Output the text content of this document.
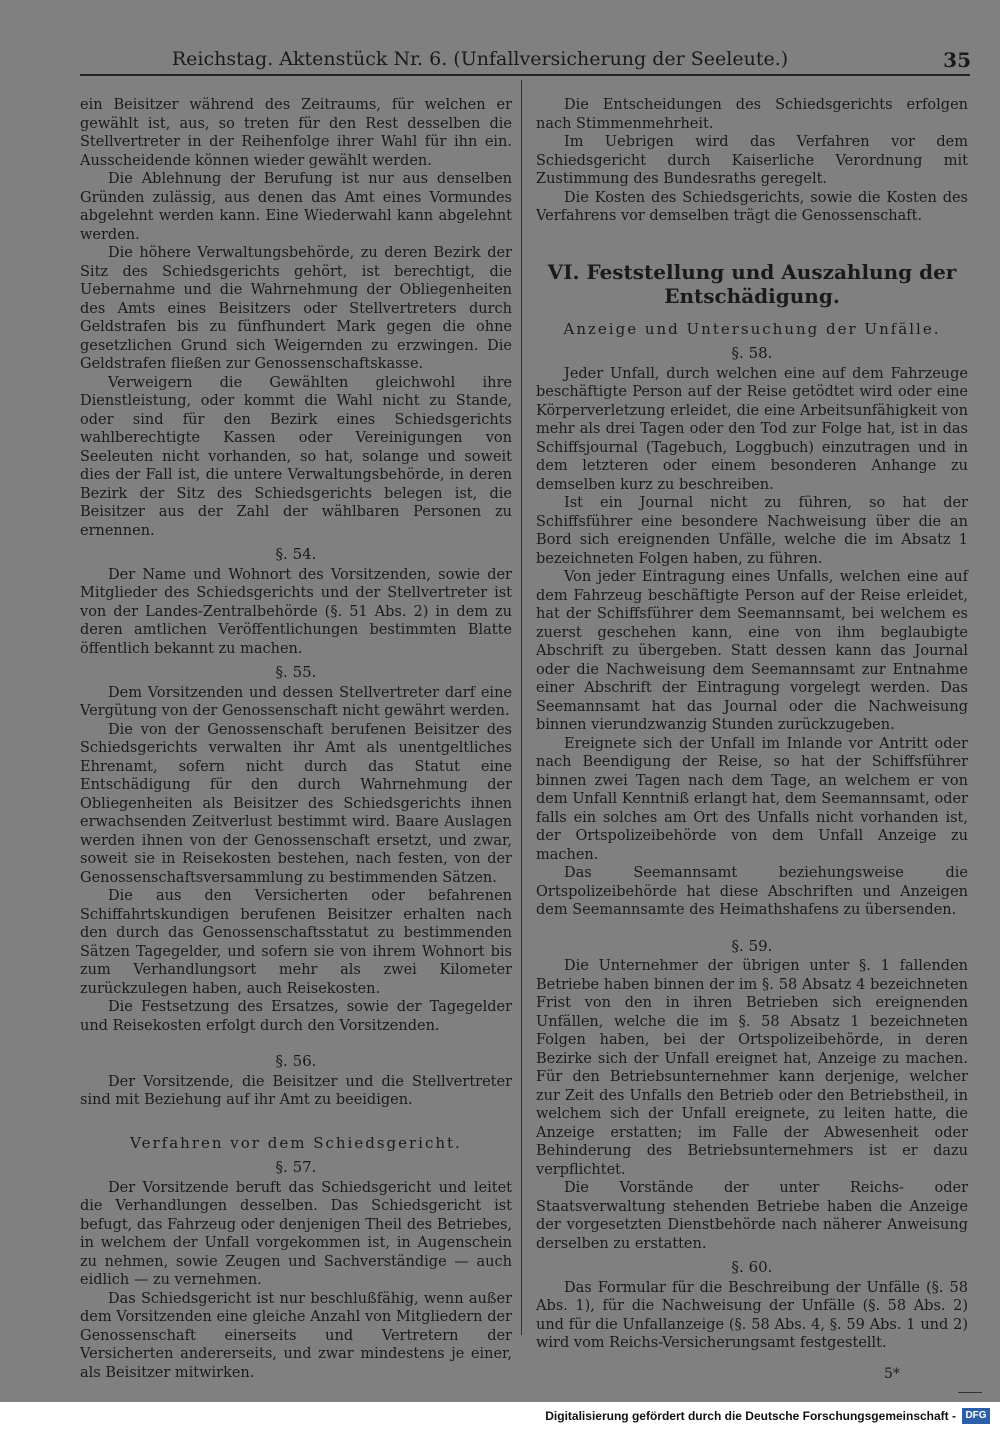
Reichstag. Aktenstück Nr. 6. (Unfallversicherung der Seeleute.)	35

ein Beisitzer während des Zeitraums, für welchen er gewählt ist, aus, so treten für den Rest desselben die Stellvertreter in der Reihenfolge ihrer Wahl für ihn ein. Ausscheidende können wieder gewählt werden.

Die Ablehnung der Berufung ist nur aus denselben Gründen zulässig, aus denen das Amt eines Vormundes abgelehnt werden kann. Eine Wiederwahl kann abgelehnt werden.

Die höhere Verwaltungsbehörde, zu deren Bezirk der Sitz des Schiedsgerichts gehört, ist berechtigt, die Uebernahme und die Wahrnehmung der Obliegenheiten des Amts eines Beisitzers oder Stellvertreters durch Geldstrafen bis zu fünfhundert Mark gegen die ohne gesetzlichen Grund sich Weigernden zu erzwingen. Die Geldstrafen fließen zur Genossenschaftskasse.

Verweigern die Gewählten gleichwohl ihre Dienstleistung, oder kommt die Wahl nicht zu Stande, oder sind für den Bezirk eines Schiedsgerichts wahlberechtigte Kassen oder Vereinigungen von Seeleuten nicht vorhanden, so hat, solange und soweit dies der Fall ist, die untere Verwaltungsbehörde, in deren Bezirk der Sitz des Schiedsgerichts belegen ist, die Beisitzer aus der Zahl der wählbaren Personen zu ernennen.

§. 54.

Der Name und Wohnort des Vorsitzenden, sowie der Mitglieder des Schiedsgerichts und der Stellvertreter ist von der Landes-Zentralbehörde (§. 51 Abs. 2) in dem zu deren amtlichen Veröffentlichungen bestimmten Blatte öffentlich bekannt zu machen.

§. 55.

Dem Vorsitzenden und dessen Stellvertreter darf eine Vergütung von der Genossenschaft nicht gewährt werden.

Die von der Genossenschaft berufenen Beisitzer des Schiedsgerichts verwalten ihr Amt als unentgeltliches Ehrenamt, sofern nicht durch das Statut eine Entschädigung für den durch Wahrnehmung der Obliegenheiten als Beisitzer des Schiedsgerichts ihnen erwachsenden Zeitverlust bestimmt wird. Baare Auslagen werden ihnen von der Genossenschaft ersetzt, und zwar, soweit sie in Reisekosten bestehen, nach festen, von der Genossenschaftsversammlung zu bestimmenden Sätzen.

Die aus den Versicherten oder befahrenen Schiffahrtskundigen berufenen Beisitzer erhalten nach den durch das Genossenschaftsstatut zu bestimmenden Sätzen Tagegelder, und sofern sie von ihrem Wohnort bis zum Verhandlungsort mehr als zwei Kilometer zurückzulegen haben, auch Reisekosten.

Die Festsetzung des Ersatzes, sowie der Tagegelder und Reisekosten erfolgt durch den Vorsitzenden.

§. 56.

Der Vorsitzende, die Beisitzer und die Stellvertreter sind mit Beziehung auf ihr Amt zu beeidigen.

Verfahren vor dem Schiedsgericht.
§. 57.

Der Vorsitzende beruft das Schiedsgericht und leitet die Verhandlungen desselben. Das Schiedsgericht ist befugt, das Fahrzeug oder denjenigen Theil des Betriebes, in welchem der Unfall vorgekommen ist, in Augenschein zu nehmen, sowie Zeugen und Sachverständige — auch eidlich — zu vernehmen.

Das Schiedsgericht ist nur beschlußfähig, wenn außer dem Vorsitzenden eine gleiche Anzahl von Mitgliedern der Genossenschaft einerseits und Vertretern der Versicherten andererseits, und zwar mindestens je einer, als Beisitzer mitwirken.

Die Entscheidungen des Schiedsgerichts erfolgen nach Stimmenmehrheit.

Im Uebrigen wird das Verfahren vor dem Schiedsgericht durch Kaiserliche Verordnung mit Zustimmung des Bundesraths geregelt.

Die Kosten des Schiedsgerichts, sowie die Kosten des Verfahrens vor demselben trägt die Genossenschaft.

VI. Feststellung und Auszahlung der Entschädigung.
Anzeige und Untersuchung der Unfälle.
§. 58.

Jeder Unfall, durch welchen eine auf dem Fahrzeuge beschäftigte Person auf der Reise getödtet wird oder eine Körperverletzung erleidet, die eine Arbeitsunfähigkeit von mehr als drei Tagen oder den Tod zur Folge hat, ist in das Schiffsjournal (Tagebuch, Loggbuch) einzutragen und in dem letzteren oder einem besonderen Anhange zu demselben kurz zu beschreiben.

Ist ein Journal nicht zu führen, so hat der Schiffsführer eine besondere Nachweisung über die an Bord sich ereignenden Unfälle, welche die im Absatz 1 bezeichneten Folgen haben, zu führen.

Von jeder Eintragung eines Unfalls, welchen eine auf dem Fahrzeug beschäftigte Person auf der Reise erleidet, hat der Schiffsführer dem Seemannsamt, bei welchem es zuerst geschehen kann, eine von ihm beglaubigte Abschrift zu übergeben. Statt dessen kann das Journal oder die Nachweisung dem Seemannsamt zur Entnahme einer Abschrift der Eintragung vorgelegt werden. Das Seemannsamt hat das Journal oder die Nachweisung binnen vierundzwanzig Stunden zurückzugeben.

Ereignete sich der Unfall im Inlande vor Antritt oder nach Beendigung der Reise, so hat der Schiffsführer binnen zwei Tagen nach dem Tage, an welchem er von dem Unfall Kenntniß erlangt hat, dem Seemannsamt, oder falls ein solches am Ort des Unfalls nicht vorhanden ist, der Ortspolizeibehörde von dem Unfall Anzeige zu machen.

Das Seemannsamt beziehungsweise die Ortspolizeibehörde hat diese Abschriften und Anzeigen dem Seemannsamte des Heimathshafens zu übersenden.

§. 59.

Die Unternehmer der übrigen unter §. 1 fallenden Betriebe haben binnen der im §. 58 Absatz 4 bezeichneten Frist von den in ihren Betrieben sich ereignenden Unfällen, welche die im §. 58 Absatz 1 bezeichneten Folgen haben, bei der Ortspolizeibehörde, in deren Bezirke sich der Unfall ereignet hat, Anzeige zu machen. Für den Betriebsunternehmer kann derjenige, welcher zur Zeit des Unfalls den Betrieb oder den Betriebstheil, in welchem sich der Unfall ereignete, zu leiten hatte, die Anzeige erstatten; im Falle der Abwesenheit oder Behinderung des Betriebsunternehmers ist er dazu verpflichtet.

Die Vorstände der unter Reichs- oder Staatsverwaltung stehenden Betriebe haben die Anzeige der vorgesetzten Dienstbehörde nach näherer Anweisung derselben zu erstatten.

§. 60.

Das Formular für die Beschreibung der Unfälle (§. 58 Abs. 1), für die Nachweisung der Unfälle (§. 58 Abs. 2) und für die Unfallanzeige (§. 58 Abs. 4, §. 59 Abs. 1 und 2) wird vom Reichs-Versicherungsamt festgestellt.

5*
Digitalisierung gefördert durch die Deutsche Forschungsgemeinschaft - DFG
